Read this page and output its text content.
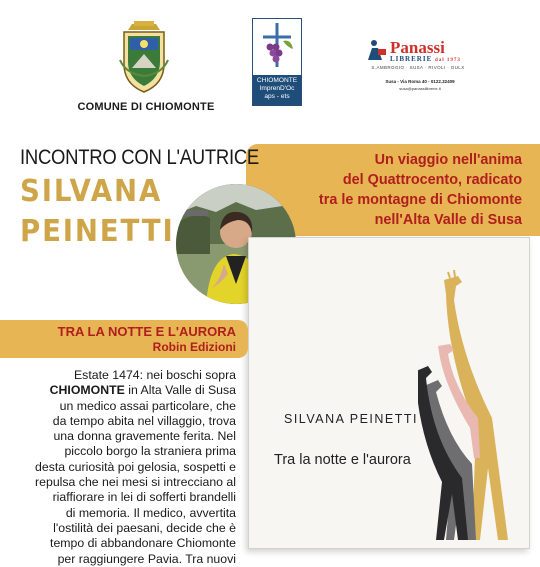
COMUNE DI CHIOMONTE
CHIOMONTE
ImprenD'Oc
aps - ets
Panassi
LIBRERIE dal 1973
S.AMBROGIO · SUSA · RIVOLI · OULX
Susa - Via Roma 40 - 0122.32409
susa@panassilibrerie.it
Un viaggio nell'anima
del Quattrocento, radicato
tra le montagne di Chiomonte
nell'Alta Valle di Susa
INCONTRO CON L'AUTRICE
SILVANA
PEINETTI
SILVANA PEINETTI
Tra la notte e l'aurora
TRA LA NOTTE E L'AURORA
Robin Edizioni

Estate 1474: nei boschi sopra

CHIOMONTE in Alta Valle di Susa

un medico assai particolare, che

da tempo abita nel villaggio, trova

una donna gravemente ferita. Nel

piccolo borgo la straniera prima

desta curiosità poi gelosia, sospetti e

repulsa che nei mesi si intrecciano al

riaffiorare in lei di sofferti brandelli

di memoria. Il medico, avvertita

l'ostilità dei paesani, decide che è

tempo di abbandonare Chiomonte

per raggiungere Pavia. Tra nuovi
